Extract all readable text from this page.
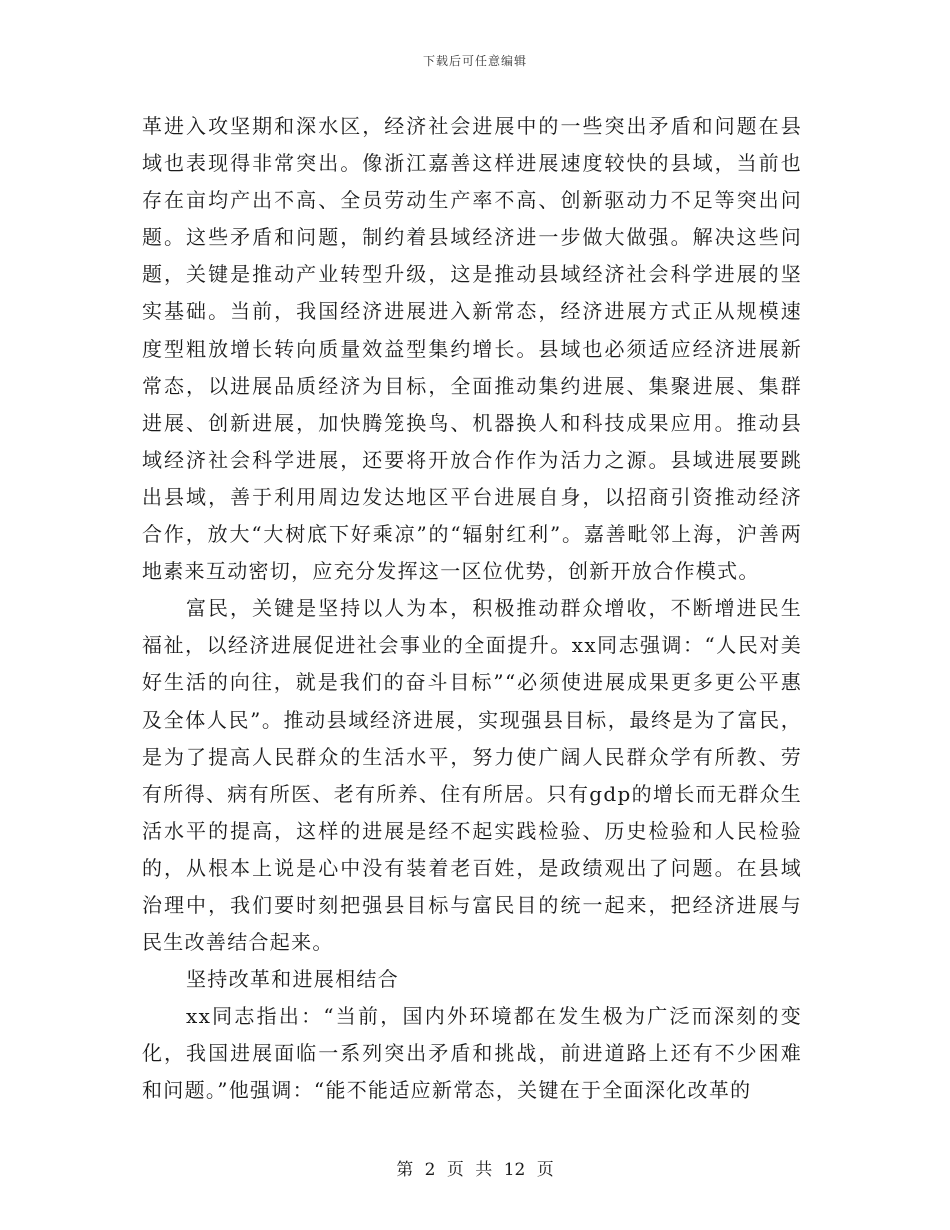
下载后可任意编辑

革进入攻坚期和深水区，经济社会进展中的一些突出矛盾和问题在县域也表现得非常突出。像浙江嘉善这样进展速度较快的县域，当前也存在亩均产出不高、全员劳动生产率不高、创新驱动力不足等突出问题。这些矛盾和问题，制约着县域经济进一步做大做强。解决这些问题，关键是推动产业转型升级，这是推动县域经济社会科学进展的坚实基础。当前，我国经济进展进入新常态，经济进展方式正从规模速度型粗放增长转向质量效益型集约增长。县域也必须适应经济进展新常态，以进展品质经济为目标，全面推动集约进展、集聚进展、集群进展、创新进展，加快腾笼换鸟、机器换人和科技成果应用。推动县域经济社会科学进展，还要将开放合作作为活力之源。县域进展要跳出县域，善于利用周边发达地区平台进展自身，以招商引资推动经济合作，放大“大树底下好乘凉”的“辐射红利”。嘉善毗邻上海，沪善两地素来互动密切，应充分发挥这一区位优势，创新开放合作模式。

富民，关键是坚持以人为本，积极推动群众增收，不断增进民生福祉，以经济进展促进社会事业的全面提升。xx同志强调：“人民对美好生活的向往，就是我们的奋斗目标”“必须使进展成果更多更公平惠及全体人民”。推动县域经济进展，实现强县目标，最终是为了富民，是为了提高人民群众的生活水平，努力使广阔人民群众学有所教、劳有所得、病有所医、老有所养、住有所居。只有gdp的增长而无群众生活水平的提高，这样的进展是经不起实践检验、历史检验和人民检验的，从根本上说是心中没有装着老百姓，是政绩观出了问题。在县域治理中，我们要时刻把强县目标与富民目的统一起来，把经济进展与民生改善结合起来。

坚持改革和进展相结合

xx同志指出：“当前，国内外环境都在发生极为广泛而深刻的变化，我国进展面临一系列突出矛盾和挑战，前进道路上还有不少困难和问题。”他强调：“能不能适应新常态，关键在于全面深化改革的

第 2 页 共 12 页
